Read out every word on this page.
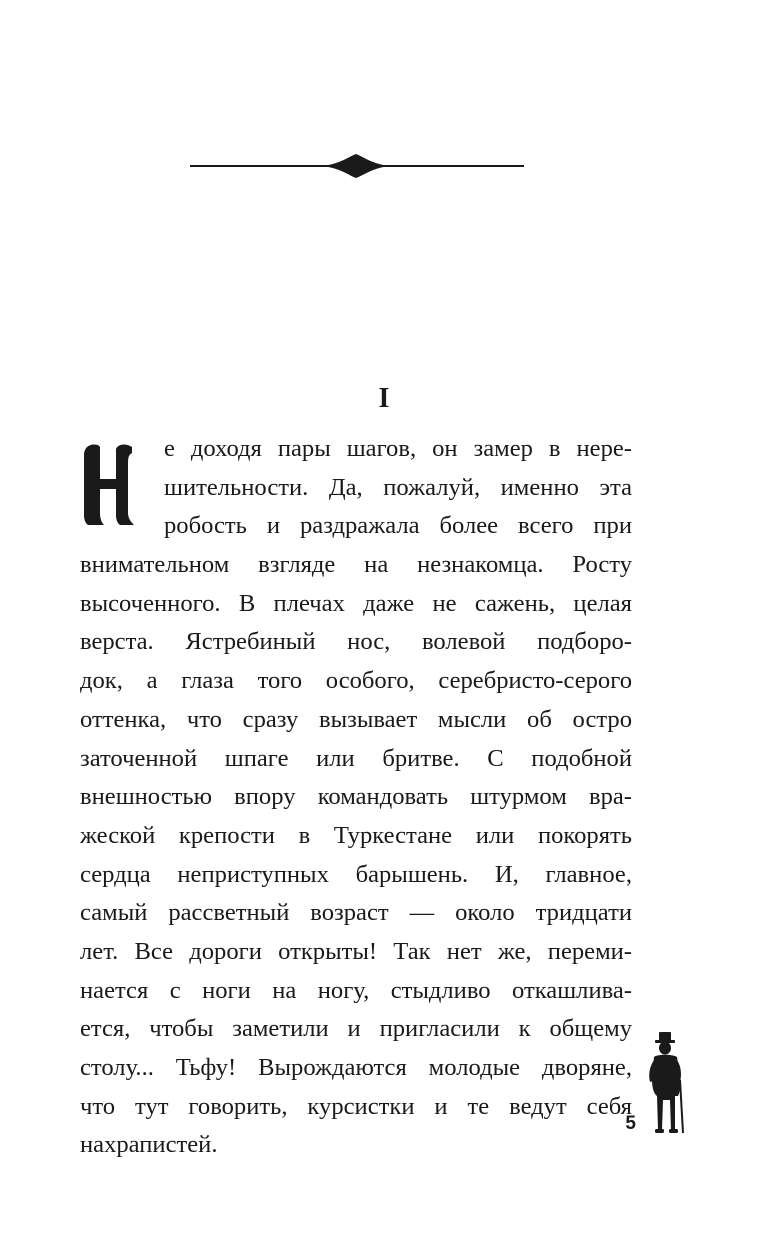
I
е доходя пары шагов, он замер в нере-
шительности. Да, пожалуй, именно эта
робость и раздражала более всего при
внимательном взгляде на незнакомца. Росту
высоченного. В плечах даже не сажень, целая
верста. Ястребиный нос, волевой подборо-
док, а глаза того особого, серебристо-серого
оттенка, что сразу вызывает мысли об остро
заточенной шпаге или бритве. С подобной
внешностью впору командовать штурмом вра-
жеской крепости в Туркестане или покорять
сердца неприступных барышень. И, главное,
самый рассветный возраст — около тридцати
лет. Все дороги открыты! Так нет же, переми-
нается с ноги на ногу, стыдливо откашлива-
ется, чтобы заметили и пригласили к общему
столу... Тьфу! Вырождаются молодые дворяне,
что тут говорить, курсистки и те ведут себя
нахрапистей.
5
